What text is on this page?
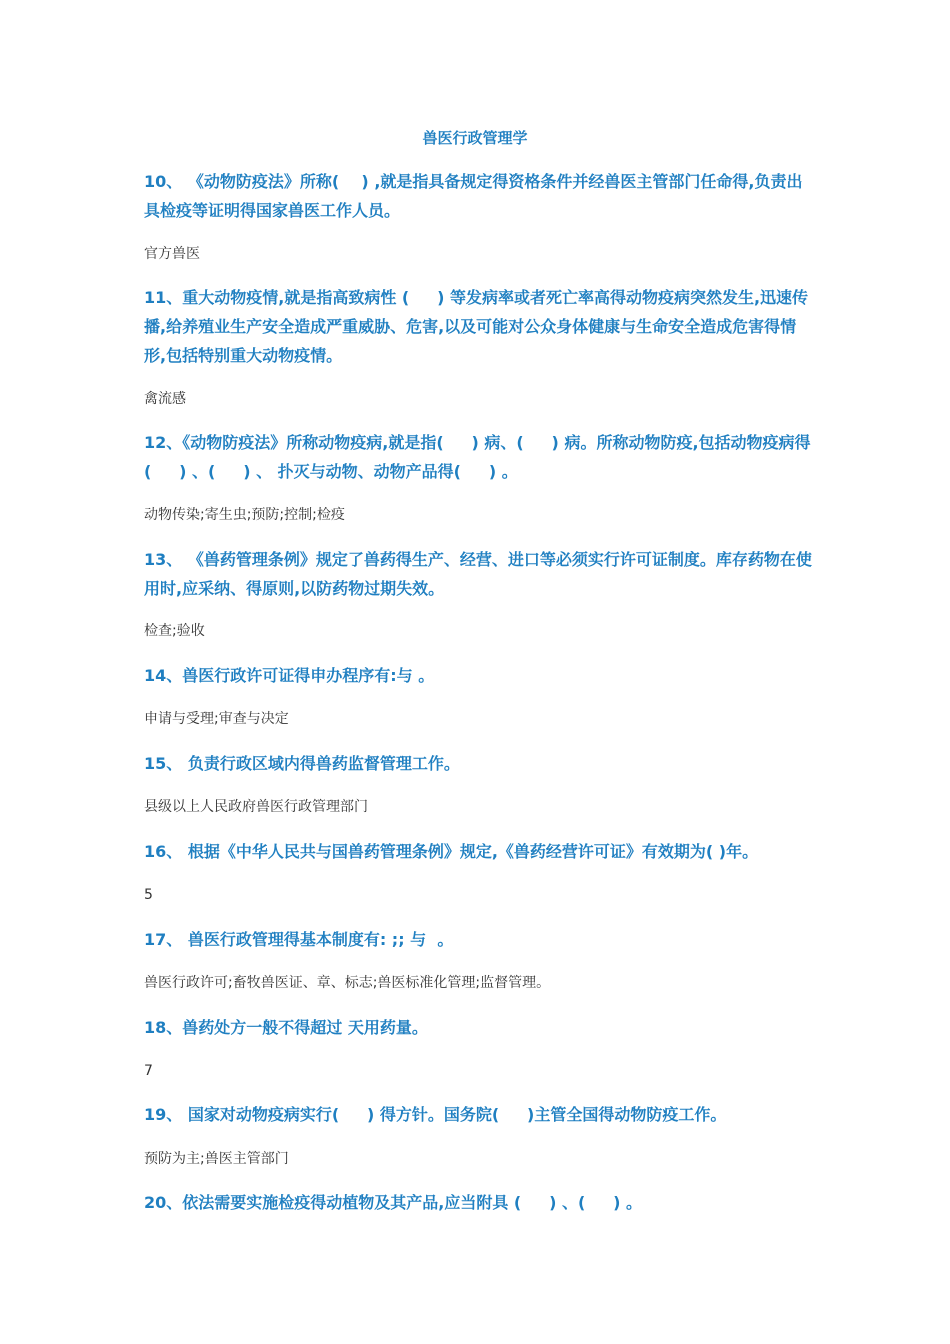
兽医行政管理学

10、 《动物防疫法》所称(    ) ,就是指具备规定得资格条件并经兽医主管部门任命得,负责出具检疫等证明得国家兽医工作人员。

官方兽医

11、重大动物疫情,就是指高致病性 (     ) 等发病率或者死亡率高得动物疫病突然发生,迅速传播,给养殖业生产安全造成严重威胁、危害,以及可能对公众身体健康与生命安全造成危害得情形,包括特别重大动物疫情。

禽流感

12、《动物防疫法》所称动物疫病,就是指(     ) 病、(     ) 病。所称动物防疫,包括动物疫病得  (     ) 、(     ) 、 扑灭与动物、动物产品得(     ) 。

动物传染;寄生虫;预防;控制;检疫

13、 《兽药管理条例》规定了兽药得生产、经营、进口等必须实行许可证制度。库存药物在使用时,应采纳、得原则,以防药物过期失效。

检查;验收

14、兽医行政许可证得申办程序有:与 。

申请与受理;审查与决定

15、 负责行政区域内得兽药监督管理工作。

县级以上人民政府兽医行政管理部门

16、 根据《中华人民共与国兽药管理条例》规定,《兽药经营许可证》有效期为( )年。

5

17、 兽医行政管理得基本制度有: ;; 与  。

兽医行政许可;畜牧兽医证、章、标志;兽医标准化管理;监督管理。

18、兽药处方一般不得超过 天用药量。

7

19、 国家对动物疫病实行(     ) 得方针。国务院(     )主管全国得动物防疫工作。

预防为主;兽医主管部门

20、依法需要实施检疫得动植物及其产品,应当附具 (     ) 、(     ) 。
